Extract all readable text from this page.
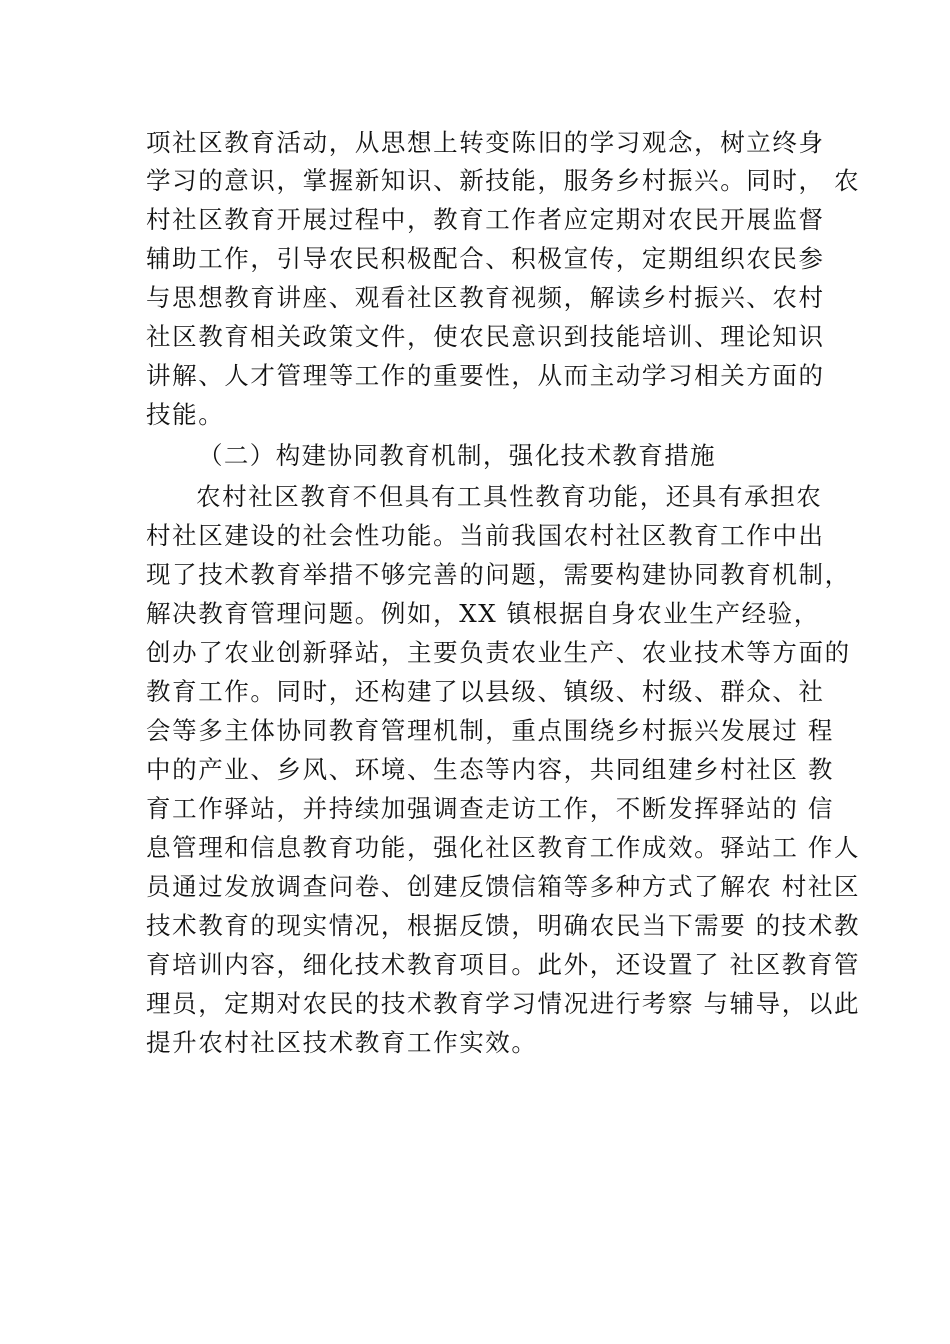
项社区教育活动，从思想上转变陈旧的学习观念，树立终身
学习的意识，掌握新知识、新技能，服务乡村振兴。同时， 农
村社区教育开展过程中，教育工作者应定期对农民开展监督
辅助工作，引导农民积极配合、积极宣传，定期组织农民参
与思想教育讲座、观看社区教育视频，解读乡村振兴、农村
社区教育相关政策文件，使农民意识到技能培训、理论知识
讲解、人才管理等工作的重要性，从而主动学习相关方面的
技能。
（二）构建协同教育机制，强化技术教育措施
农村社区教育不但具有工具性教育功能，还具有承担农
村社区建设的社会性功能。当前我国农村社区教育工作中出
现了技术教育举措不够完善的问题，需要构建协同教育机制，
解决教育管理问题。例如，XX 镇根据自身农业生产经验，
创办了农业创新驿站，主要负责农业生产、农业技术等方面的
教育工作。同时，还构建了以县级、镇级、村级、群众、社
会等多主体协同教育管理机制，重点围绕乡村振兴发展过 程
中的产业、乡风、环境、生态等内容，共同组建乡村社区 教
育工作驿站，并持续加强调查走访工作，不断发挥驿站的 信
息管理和信息教育功能，强化社区教育工作成效。驿站工 作人
员通过发放调查问卷、创建反馈信箱等多种方式了解农 村社区
技术教育的现实情况，根据反馈，明确农民当下需要 的技术教
育培训内容，细化技术教育项目。此外，还设置了 社区教育管
理员，定期对农民的技术教育学习情况进行考察 与辅导，以此
提升农村社区技术教育工作实效。
